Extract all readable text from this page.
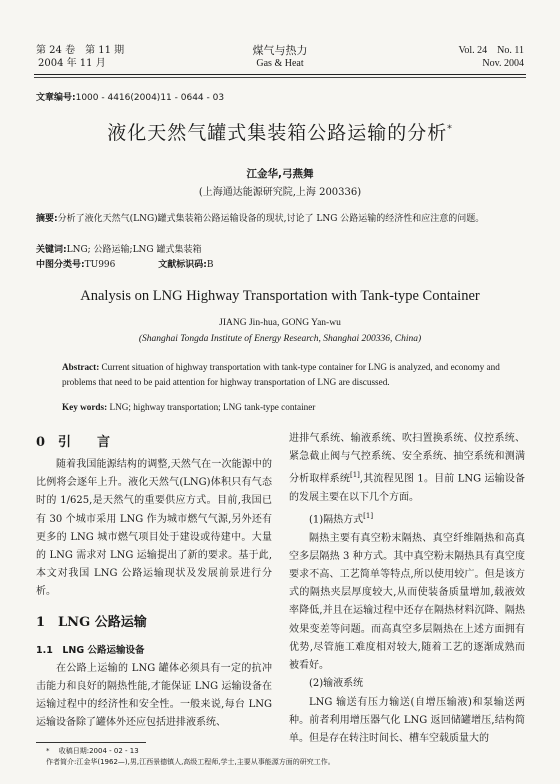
第 24 卷　第 11 期
2004 年 11 月
煤气与热力
Gas & Heat
Vol. 24　No. 11
Nov. 2004
文章编号:1000 - 4416(2004)11 - 0644 - 03
液化天然气罐式集装箱公路运输的分析*
江金华,弓燕舞
(上海通达能源研究院,上海 200336)
摘要:分析了液化天然气(LNG)罐式集装箱公路运输设备的现状,讨论了 LNG 公路运输的经济性和应注意的问题。
关键词:LNG; 公路运输;LNG 罐式集装箱
中图分类号:TU996	文献标识码:B
Analysis on LNG Highway Transportation with Tank-type Container
JIANG Jin-hua, GONG Yan-wu
(Shanghai Tongda Institute of Energy Research, Shanghai 200336, China)
Abstract: Current situation of highway transportation with tank-type container for LNG is analyzed, and economy and problems that need to be paid attention for highway transportation of LNG are discussed.
Key words: LNG; highway transportation; LNG tank-type container
0　引　　言

随着我国能源结构的调整,天然气在一次能源中的比例将会逐年上升。液化天然气(LNG)体积只有气态时的 1/625,是天然气的重要供应方式。目前,我国已有 30 个城市采用 LNG 作为城市燃气气源,另外还有更多的 LNG 城市燃气项目处于建设或待建中。大量的 LNG 需求对 LNG 运输提出了新的要求。基于此,本文对我国 LNG 公路运输现状及发展前景进行分析。

1　LNG 公路运输
1.1　LNG 公路运输设备

在公路上运输的 LNG 罐体必须具有一定的抗冲击能力和良好的隔热性能,才能保证 LNG 运输设备在运输过程中的经济性和安全性。一般来说,每台 LNG 运输设备除了罐体外还应包括进排液系统、

进排气系统、输液系统、吹扫置换系统、仪控系统、紧急截止阀与气控系统、安全系统、抽空系统和测满分析取样系统[1],其流程见图 1。目前 LNG 运输设备的发展主要在以下几个方面。

(1)隔热方式[1]

隔热主要有真空粉末隔热、真空纤维隔热和高真空多层隔热 3 种方式。其中真空粉末隔热具有真空度要求不高、工艺简单等特点,所以使用较广。但是该方式的隔热夹层厚度较大,从而使装备质量增加,载液效率降低,并且在运输过程中还存在隔热材料沉降、隔热效果变差等问题。而高真空多层隔热在上述方面拥有优势,尽管施工难度相对较大,随着工艺的逐渐成熟而被看好。

(2)输液系统

LNG 输送有压力输送(自增压输液)和泵输送两种。前者利用增压器气化 LNG 返回储罐增压,结构简单。但是存在转注时间长、槽车空载质量大的

* 　收稿日期:2004 - 02 - 13
作者简介:江金华(1962—),男,江西景德镇人,高级工程师,学士,主要从事能源方面的研究工作。
